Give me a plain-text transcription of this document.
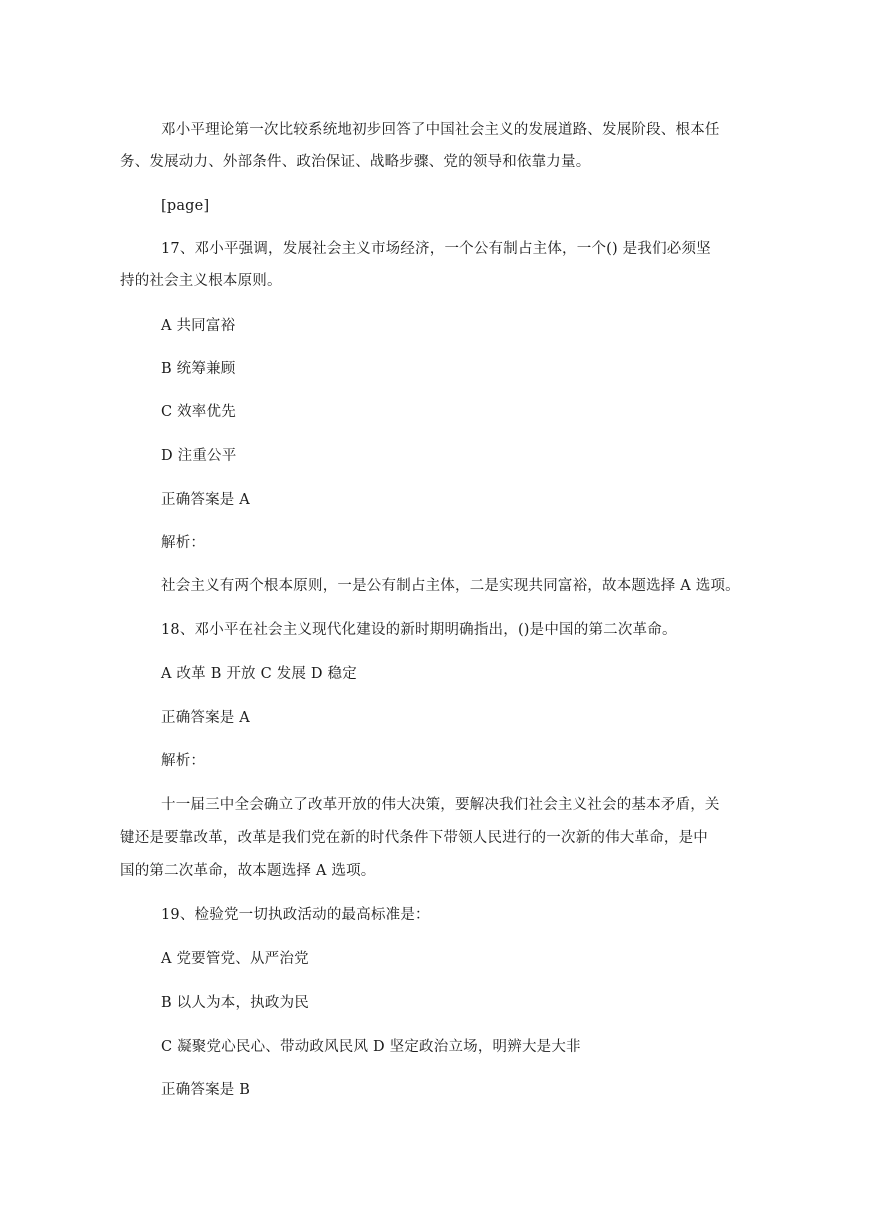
邓小平理论第一次比较系统地初步回答了中国社会主义的发展道路、发展阶段、根本任
务、发展动力、外部条件、政治保证、战略步骤、党的领导和依靠力量。
[page]
17、邓小平强调，发展社会主义市场经济，一个公有制占主体，一个() 是我们必须坚
持的社会主义根本原则。
A 共同富裕
B 统筹兼顾
C 效率优先
D 注重公平
正确答案是 A
解析：
社会主义有两个根本原则，一是公有制占主体，二是实现共同富裕，故本题选择 A 选项。
18、邓小平在社会主义现代化建设的新时期明确指出，()是中国的第二次革命。
A 改革 B 开放 C 发展 D 稳定
正确答案是 A
解析：
十一届三中全会确立了改革开放的伟大决策，要解决我们社会主义社会的基本矛盾，关
键还是要靠改革，改革是我们党在新的时代条件下带领人民进行的一次新的伟大革命，是中
国的第二次革命，故本题选择 A 选项。
19、检验党一切执政活动的最高标准是：
A 党要管党、从严治党
B 以人为本，执政为民
C 凝聚党心民心、带动政风民风 D 坚定政治立场，明辨大是大非
正确答案是 B
